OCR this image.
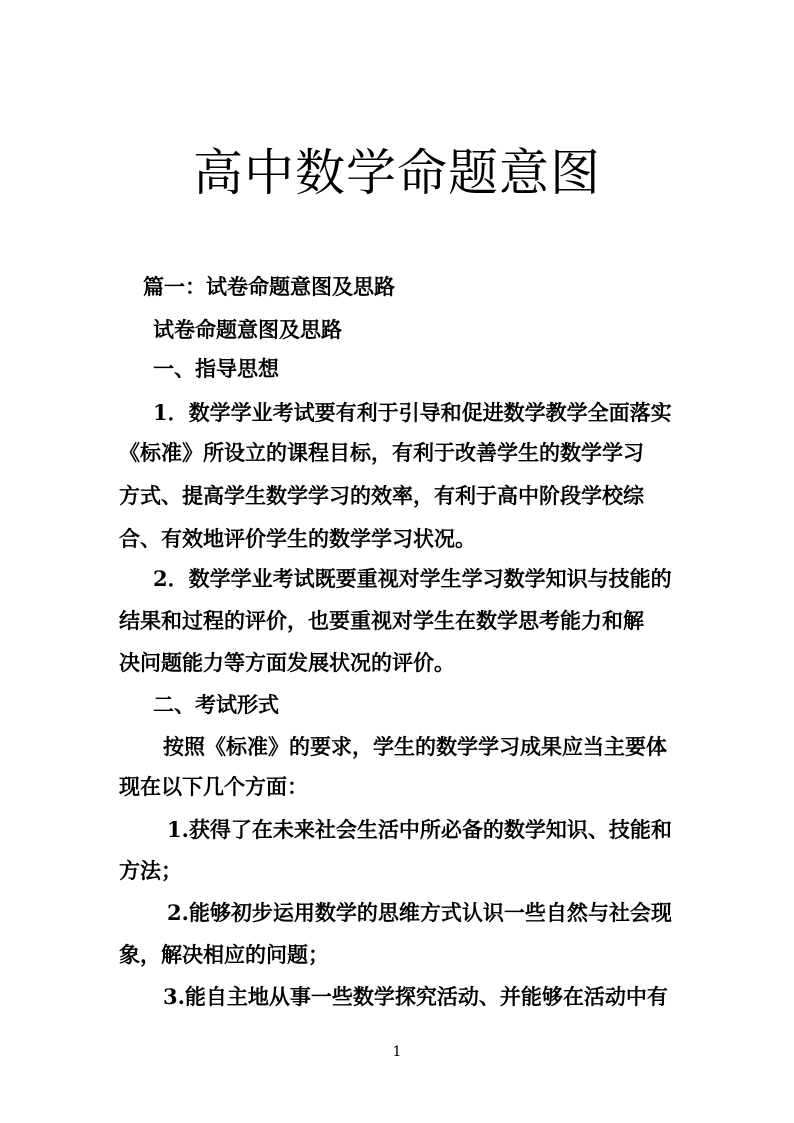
高中数学命题意图
篇一：试卷命题意图及思路
试卷命题意图及思路
一、指导思想
1．数学学业考试要有利于引导和促进数学教学全面落实
《标准》所设立的课程目标，有利于改善学生的数学学习
方式、提高学生数学学习的效率，有利于高中阶段学校综
合、有效地评价学生的数学学习状况。
2．数学学业考试既要重视对学生学习数学知识与技能的
结果和过程的评价，也要重视对学生在数学思考能力和解
决问题能力等方面发展状况的评价。
二、考试形式
按照《标准》的要求，学生的数学学习成果应当主要体
现在以下几个方面：
1.获得了在未来社会生活中所必备的数学知识、技能和
方法；
2.能够初步运用数学的思维方式认识一些自然与社会现
象，解决相应的问题；
3.能自主地从事一些数学探究活动、并能够在活动中有
1
